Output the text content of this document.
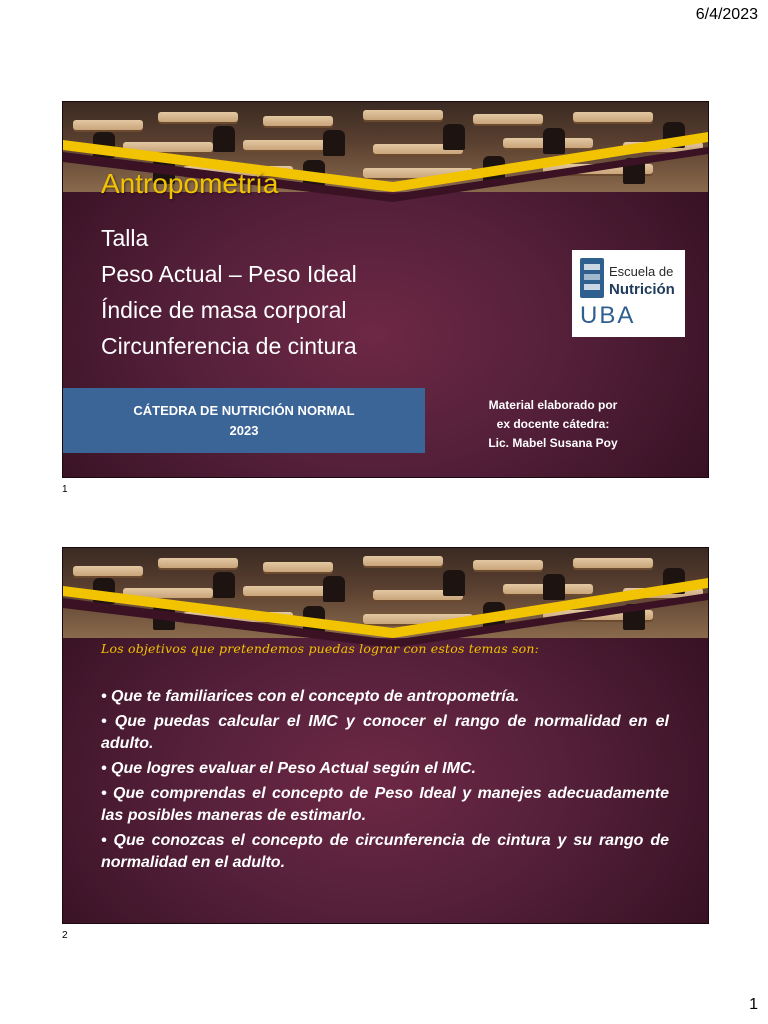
6/4/2023
Antropometría
Talla
Peso Actual – Peso Ideal
Índice de masa corporal
Circunferencia de cintura
Escuela de
Nutrición
UBA
CÁTEDRA DE NUTRICIÓN NORMAL
2023
Material elaborado por
ex docente cátedra:
Lic. Mabel Susana Poy
1
Los objetivos que pretendemos puedas lograr con estos temas son:
• Que te familiarices con el concepto de antropometría.
• Que puedas calcular el IMC y conocer el rango de normalidad en el adulto.
• Que logres evaluar el Peso Actual según el IMC.
• Que comprendas el concepto de Peso Ideal y manejes adecuadamente las posibles maneras de estimarlo.
• Que conozcas el concepto de circunferencia de cintura y su rango de normalidad en el adulto.
2
1
